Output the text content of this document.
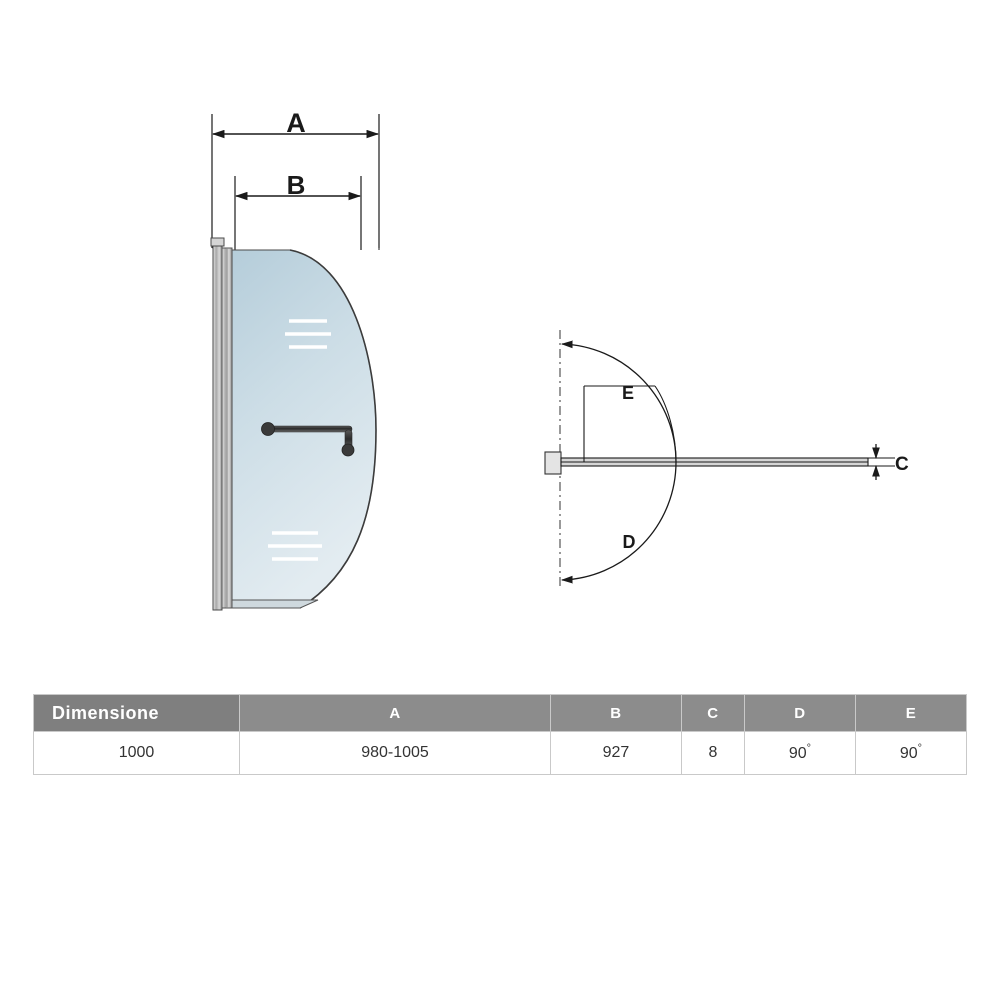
A
B
E
D
C
Dimensione	A	B	C	D	E
1000	980-1005	927	8	90°	90°
